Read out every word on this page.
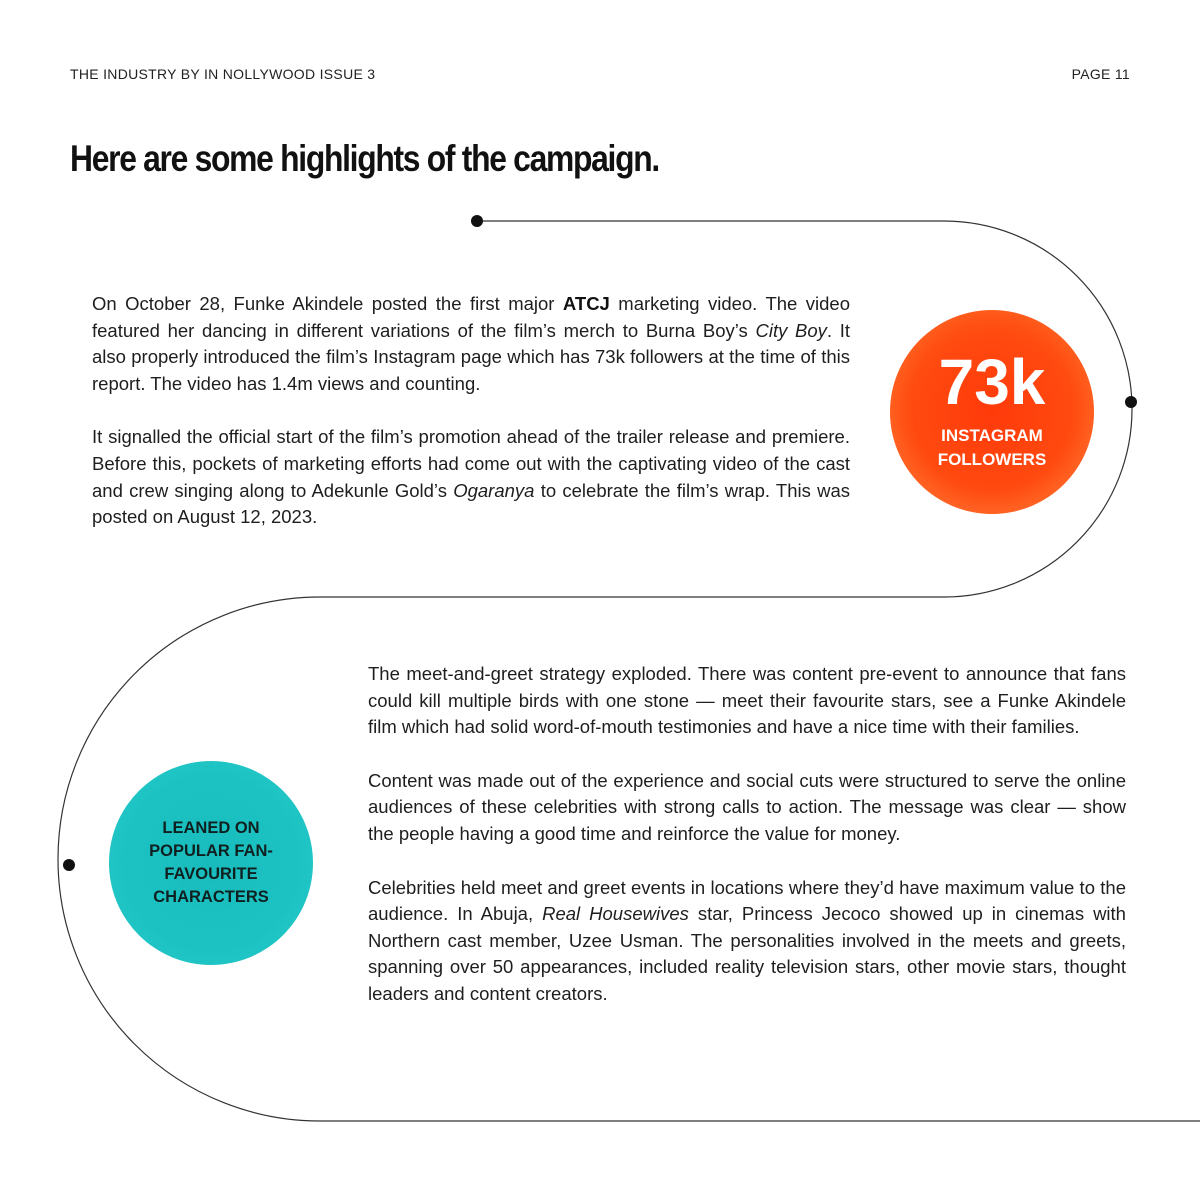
THE INDUSTRY BY IN NOLLYWOOD ISSUE 3	PAGE 11
Here are some highlights of the campaign.

On October 28, Funke Akindele posted the first major ATCJ marketing video. The video featured her dancing in different variations of the film’s merch to Burna Boy’s City Boy. It also properly introduced the film’s Instagram page which has 73k followers at the time of this report. The video has 1.4m views and counting.

It signalled the official start of the film’s promotion ahead of the trailer release and premiere. Before this, pockets of marketing efforts had come out with the captivating video of the cast and crew singing along to Adekunle Gold’s Ogaranya to celebrate the film’s wrap. This was posted on August 12, 2023.

73k
INSTAGRAM FOLLOWERS
LEANED ON POPULAR FAN-FAVOURITE CHARACTERS

The meet-and-greet strategy exploded. There was content pre-event to announce that fans could kill multiple birds with one stone — meet their favourite stars, see a Funke Akindele film which had solid word-of-mouth testimonies and have a nice time with their families.

Content was made out of the experience and social cuts were structured to serve the online audiences of these celebrities with strong calls to action. The message was clear — show the people having a good time and reinforce the value for money.

Celebrities held meet and greet events in locations where they’d have maximum value to the audience. In Abuja, Real Housewives star, Princess Jecoco showed up in cinemas with Northern cast member, Uzee Usman. The personalities involved in the meets and greets, spanning over 50 appearances, included reality television stars, other movie stars, thought leaders and content creators.
